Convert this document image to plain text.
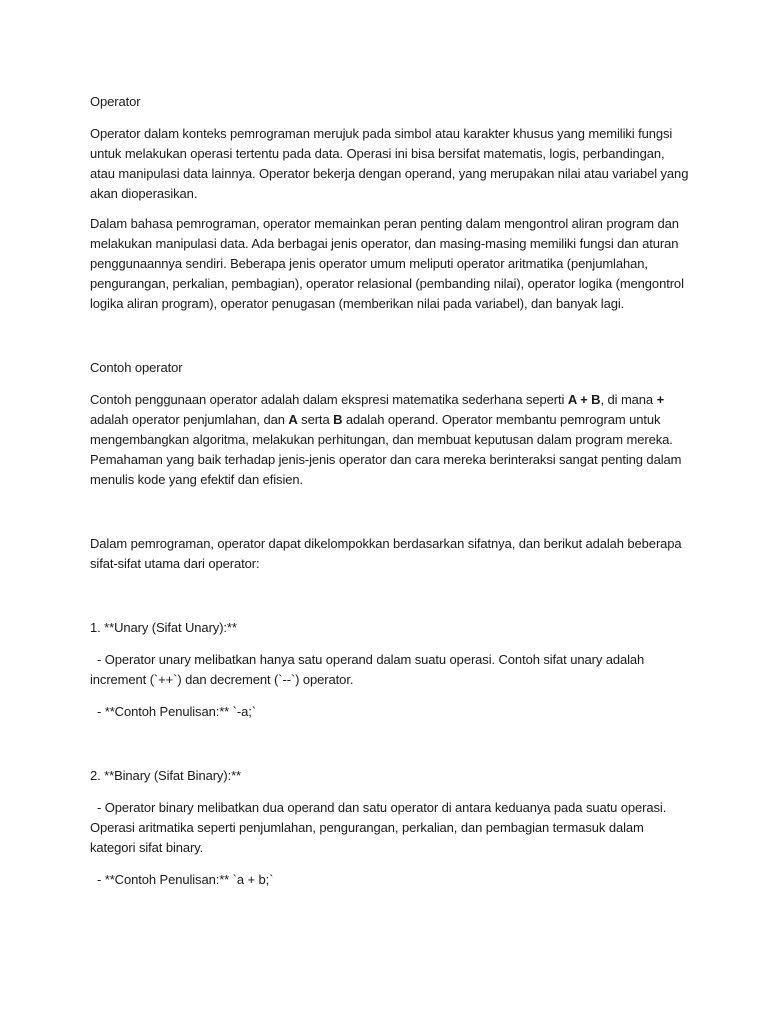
Operator

Operator dalam konteks pemrograman merujuk pada simbol atau karakter khusus yang memiliki fungsi untuk melakukan operasi tertentu pada data. Operasi ini bisa bersifat matematis, logis, perbandingan, atau manipulasi data lainnya. Operator bekerja dengan operand, yang merupakan nilai atau variabel yang akan dioperasikan.

Dalam bahasa pemrograman, operator memainkan peran penting dalam mengontrol aliran program dan melakukan manipulasi data. Ada berbagai jenis operator, dan masing-masing memiliki fungsi dan aturan penggunaannya sendiri. Beberapa jenis operator umum meliputi operator aritmatika (penjumlahan, pengurangan, perkalian, pembagian), operator relasional (pembanding nilai), operator logika (mengontrol logika aliran program), operator penugasan (memberikan nilai pada variabel), dan banyak lagi.

Contoh operator

Contoh penggunaan operator adalah dalam ekspresi matematika sederhana seperti A + B, di mana + adalah operator penjumlahan, dan A serta B adalah operand. Operator membantu pemrogram untuk mengembangkan algoritma, melakukan perhitungan, dan membuat keputusan dalam program mereka. Pemahaman yang baik terhadap jenis-jenis operator dan cara mereka berinteraksi sangat penting dalam menulis kode yang efektif dan efisien.

Dalam pemrograman, operator dapat dikelompokkan berdasarkan sifatnya, dan berikut adalah beberapa sifat-sifat utama dari operator:

1. **Unary (Sifat Unary):**

- Operator unary melibatkan hanya satu operand dalam suatu operasi. Contoh sifat unary adalah increment (`++`) dan decrement (`--`) operator.

- **Contoh Penulisan:** `-a;`

2. **Binary (Sifat Binary):**

- Operator binary melibatkan dua operand dan satu operator di antara keduanya pada suatu operasi. Operasi aritmatika seperti penjumlahan, pengurangan, perkalian, dan pembagian termasuk dalam kategori sifat binary.

- **Contoh Penulisan:** `a + b;`
